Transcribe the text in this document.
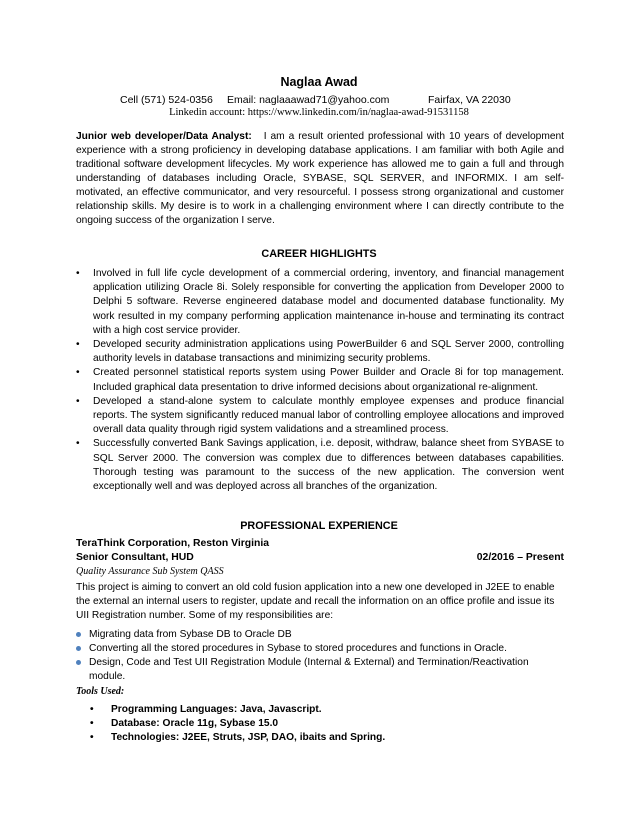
Naglaa Awad
Cell (571) 524-0356 Email: naglaaawad71@yahoo.com	Fairfax, VA 22030
Linkedin account: https://www.linkedin.com/in/naglaa-awad-91531158
Junior web developer/Data Analyst: I am a result oriented professional with 10 years of development experience with a strong proficiency in developing database applications. I am familiar with both Agile and traditional software development lifecycles. My work experience has allowed me to gain a full and through understanding of databases including Oracle, SYBASE, SQL SERVER, and INFORMIX. I am self-motivated, an effective communicator, and very resourceful. I possess strong organizational and customer relationship skills. My desire is to work in a challenging environment where I can directly contribute to the ongoing success of the organization I serve.
CAREER HIGHLIGHTS
• Involved in full life cycle development of a commercial ordering, inventory, and financial management application utilizing Oracle 8i. Solely responsible for converting the application from Developer 2000 to Delphi 5 software. Reverse engineered database model and documented database functionality. My work resulted in my company performing application maintenance in-house and terminating its contract with a high cost service provider.
• Developed security administration applications using PowerBuilder 6 and SQL Server 2000, controlling authority levels in database transactions and minimizing security problems.
• Created personnel statistical reports system using Power Builder and Oracle 8i for top management. Included graphical data presentation to drive informed decisions about organizational re-alignment.
• Developed a stand-alone system to calculate monthly employee expenses and produce financial reports. The system significantly reduced manual labor of controlling employee allocations and improved overall data quality through rigid system validations and a streamlined process.
• Successfully converted Bank Savings application, i.e. deposit, withdraw, balance sheet from SYBASE to SQL Server 2000. The conversion was complex due to differences between databases capabilities. Thorough testing was paramount to the success of the new application. The conversion went exceptionally well and was deployed across all branches of the organization.
PROFESSIONAL EXPERIENCE
TeraThink Corporation, Reston Virginia
Senior Consultant, HUD	02/2016 – Present
Quality Assurance Sub System QASS
This project is aiming to convert an old cold fusion application into a new one developed in J2EE to enable the external an internal users to register, update and recall the information on an office profile and issue its UII Registration number. Some of my responsibilities are:
Migrating data from Sybase DB to Oracle DB
Converting all the stored procedures in Sybase to stored procedures and functions in Oracle.
Design, Code and Test UII Registration Module (Internal & External) and Termination/Reactivation module.
Tools Used:
• Programming Languages: Java, Javascript.
• Database: Oracle 11g, Sybase 15.0
• Technologies: J2EE, Struts, JSP, DAO, ibaits and Spring.
